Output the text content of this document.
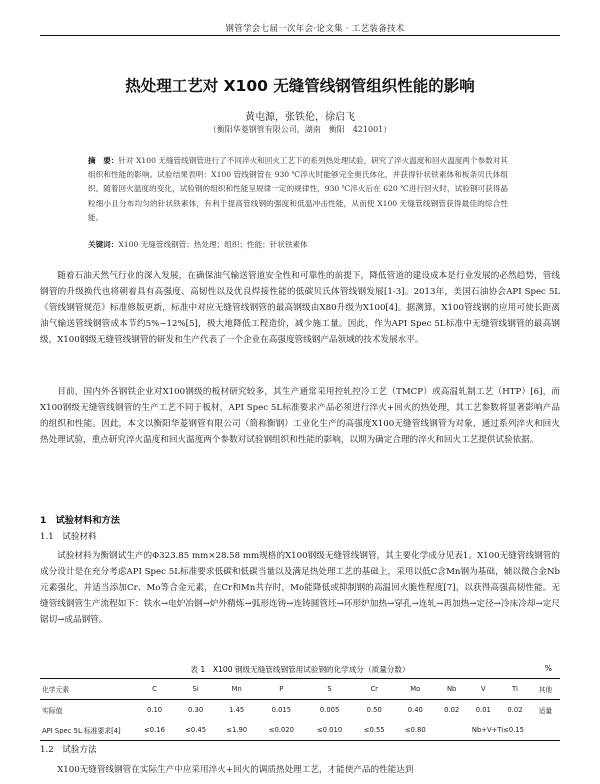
钢管学会七届一次年会·论文集 · 工艺装备技术
热处理工艺对 X100 无缝管线钢管组织性能的影响
黄屯源，张铁伦，徐启飞
（衡阳华菱钢管有限公司，湖南　衡阳　421001）
摘　要：针对 X100 无缝管线钢管进行了不同淬火和回火工艺下的系列热处理试验，研究了淬火温度和回火温度两个参数对其组织和性能的影响。试验结果表明：X100 管线钢管在 930 ℃淬火时能够完全奥氏体化，并获得针状铁素体和板条贝氏体组织。随着回火温度的变化，试验钢的组织和性能呈规律一定的规律性，930 ℃淬火后在 620 ℃进行回火时，试验钢可获得晶粒细小且分布均匀的针状铁素体，有利于提高管线钢的强度和低温冲击性能，从而使 X100 无缝管线钢管获得最佳的综合性能。
关键词：X100 无缝管线钢管；热处理；组织；性能；针状铁素体

随着石油天然气行业的深入发展，在确保油气输送管道安全性和可靠性的前提下，降低管道的建设成本是行业发展的必然趋势，管线钢管的升级换代也将朝着具有高强度、高韧性以及优良焊接性能的低碳贝氏体管线钢发展[1-3]。2013年，美国石油协会API Spec 5L《管线钢管规范》标准修版更新，标准中对应无缝管线钢管的最高钢级由X80升级为X100[4]。据测算，X100管线钢的应用可使长距离油气输送管线钢管成本节约5%~12%[5]，极大地降低工程造价，减少施工量。因此，作为API Spec 5L标准中无缝管线钢管的最高钢级，X100钢级无缝管线钢管的研发和生产代表了一个企业在高强度管线钢产品领域的技术发展水平。

目前，国内外各钢铁企业对X100钢级的板材研究较多，其生产通常采用控轧控冷工艺（TMCP）或高温轧制工艺（HTP）[6]，而X100钢级无缝管线钢管的生产工艺不同于板材，API Spec 5L标准要求产品必须进行淬火+回火的热处理，其工艺参数将显著影响产品的组织和性能。因此，本文以衡阳华菱钢管有限公司（简称衡钢）工业化生产的高强度X100无缝管线钢管为对象，通过系列淬火和回火热处理试验，重点研究淬火温度和回火温度两个参数对试验钢组织和性能的影响，以期为确定合理的淬火和回火工艺提供试验依据。

1　试验材料和方法
1.1　试验材料

试验材料为衡钢试生产的Φ323.85 mm×28.58 mm规格的X100钢级无缝管线钢管，其主要化学成分见表1。X100无缝管线钢管的成分设计是在充分考虑API Spec 5L标准要求低碳和低碳当量以及满足热处理工艺的基础上，采用以低C含Mn钢为基础，辅以微合金Nb元素强化，并适当添加Cr、Mo等合金元素，在Cr和Mn共存时，Mo能降低或抑制钢的高温回火脆性程度[7]，以获得高强高韧性能。无缝管线钢管生产流程如下：铁水→电炉冶钢→炉外精炼→弧形连铸→连铸圆管坯→环形炉加热→穿孔→连轧→再加热→定径→冷床冷却→定尺锯切→成品钢管。

表 1　X100 钢级无缝管线钢管用试验钢的化学成分（质量分数）	%
化学元素	C	Si	Mn	P	S	Cr	Mo	Nb	V	Ti	其他
实际值	0.10	0.30	1.45	0.015	0.005	0.50	0.40	0.02	0.01	0.02	适量
API Spec 5L 标准要求[4]	≤0.16	≤0.45	≤1.90	≤0.020	≤0.010	≤0.55	≤0.80	Nb+V+Ti≤0.15			
1.2　试验方法

X100无缝管线钢管在实际生产中应采用淬火+回火的调质热处理工艺，才能使产品的性能达到
